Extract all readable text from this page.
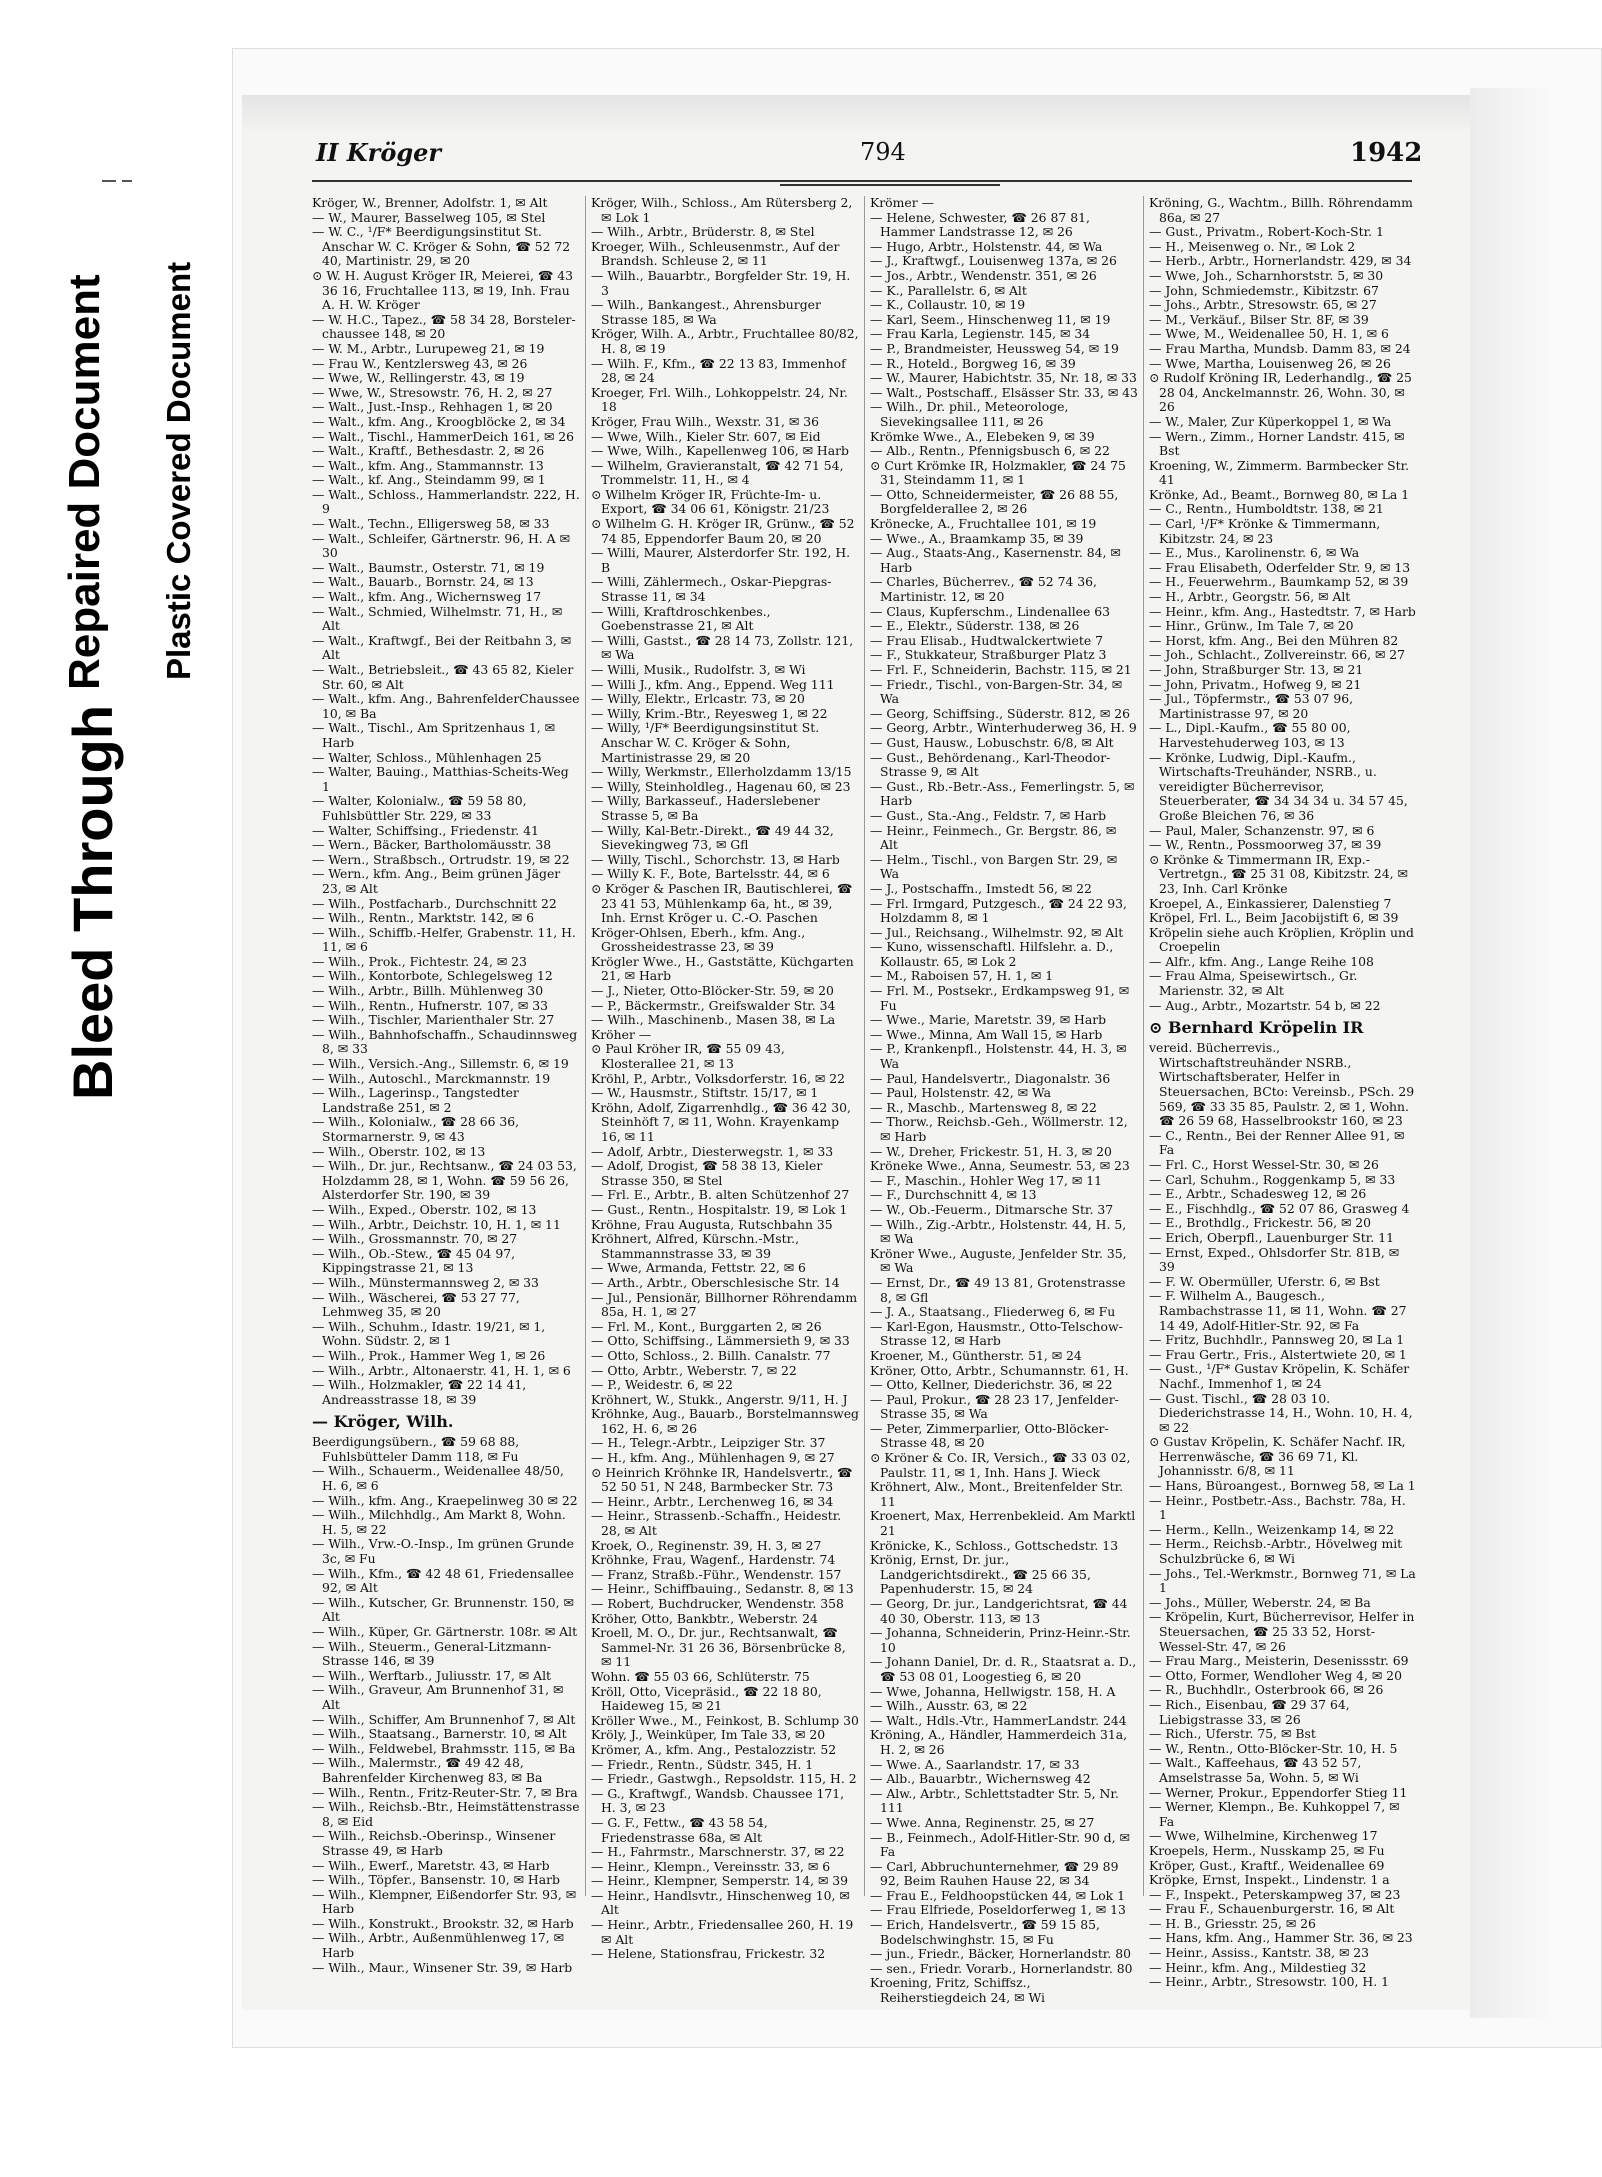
Bleed Through
Repaired Document Plastic Covered Document
II Kröger	794	1942

Kröger, W., Brenner, Adolfstr. 1, ✉ Alt

— W., Maurer, Basselweg 105, ✉ Stel

— W. C., ¹/F* Beerdigungsinstitut St. Anschar W. C. Kröger & Sohn, ☎ 52 72 40, Martinistr. 29, ✉ 20

⊙ W. H. August Kröger IR, Meierei, ☎ 43 36 16, Fruchtallee 113, ✉ 19, Inh. Frau A. H. W. Kröger

— W. H.C., Tapez., ☎ 58 34 28, Borsteler-chaussee 148, ✉ 20

— W. M., Arbtr., Lurupeweg 21, ✉ 19

— Frau W., Kentzlersweg 43, ✉ 26

— Wwe, W., Rellingerstr. 43, ✉ 19

— Wwe, W., Stresowstr. 76, H. 2, ✉ 27

— Walt., Just.-Insp., Rehhagen 1, ✉ 20

— Walt., kfm. Ang., Kroogblöcke 2, ✉ 34

— Walt., Tischl., HammerDeich 161, ✉ 26

— Walt., Kraftf., Bethesdastr. 2, ✉ 26

— Walt., kfm. Ang., Stammannstr. 13

— Walt., kf. Ang., Steindamm 99, ✉ 1

— Walt., Schloss., Hammerlandstr. 222, H. 9

— Walt., Techn., Elligersweg 58, ✉ 33

— Walt., Schleifer, Gärtnerstr. 96, H. A ✉ 30

— Walt., Baumstr., Osterstr. 71, ✉ 19

— Walt., Bauarb., Bornstr. 24, ✉ 13

— Walt., kfm. Ang., Wichernsweg 17

— Walt., Schmied, Wilhelmstr. 71, H., ✉ Alt

— Walt., Kraftwgf., Bei der Reitbahn 3, ✉ Alt

— Walt., Betriebsleit., ☎ 43 65 82, Kieler Str. 60, ✉ Alt

— Walt., kfm. Ang., BahrenfelderChaussee 10, ✉ Ba

— Walt., Tischl., Am Spritzenhaus 1, ✉ Harb

— Walter, Schloss., Mühlenhagen 25

— Walter, Bauing., Matthias-Scheits-Weg 1

— Walter, Kolonialw., ☎ 59 58 80, Fuhlsbüttler Str. 229, ✉ 33

— Walter, Schiffsing., Friedenstr. 41

— Wern., Bäcker, Bartholomäusstr. 38

— Wern., Straßbsch., Ortrudstr. 19, ✉ 22

— Wern., kfm. Ang., Beim grünen Jäger 23, ✉ Alt

— Wilh., Postfacharb., Durchschnitt 22

— Wilh., Rentn., Marktstr. 142, ✉ 6

— Wilh., Schiffb.-Helfer, Grabenstr. 11, H. 11, ✉ 6

— Wilh., Prok., Fichtestr. 24, ✉ 23

— Wilh., Kontorbote, Schlegelsweg 12

— Wilh., Arbtr., Billh. Mühlenweg 30

— Wilh., Rentn., Hufnerstr. 107, ✉ 33

— Wilh., Tischler, Marienthaler Str. 27

— Wilh., Bahnhofschaffn., Schaudinnsweg 8, ✉ 33

— Wilh., Versich.-Ang., Sillemstr. 6, ✉ 19

— Wilh., Autoschl., Marckmannstr. 19

— Wilh., Lagerinsp., Tangstedter Landstraße 251, ✉ 2

— Wilh., Kolonialw., ☎ 28 66 36, Stormarnerstr. 9, ✉ 43

— Wilh., Oberstr. 102, ✉ 13

— Wilh., Dr. jur., Rechtsanw., ☎ 24 03 53, Holzdamm 28, ✉ 1, Wohn. ☎ 59 56 26, Alsterdorfer Str. 190, ✉ 39

— Wilh., Exped., Oberstr. 102, ✉ 13

— Wilh., Arbtr., Deichstr. 10, H. 1, ✉ 11

— Wilh., Grossmannstr. 70, ✉ 27

— Wilh., Ob.-Stew., ☎ 45 04 97, Kippingstrasse 21, ✉ 13

— Wilh., Münstermannsweg 2, ✉ 33

— Wilh., Wäscherei, ☎ 53 27 77, Lehmweg 35, ✉ 20

— Wilh., Schuhm., Idastr. 19/21, ✉ 1, Wohn. Südstr. 2, ✉ 1

— Wilh., Prok., Hammer Weg 1, ✉ 26

— Wilh., Arbtr., Altonaerstr. 41, H. 1, ✉ 6

— Wilh., Holzmakler, ☎ 22 14 41, Andreasstrasse 18, ✉ 39

— Kröger, Wilh.

Beerdigungsübern., ☎ 59 68 88, Fuhlsbütteler Damm 118, ✉ Fu

— Wilh., Schauerm., Weidenallee 48/50, H. 6, ✉ 6

— Wilh., kfm. Ang., Kraepelinweg 30 ✉ 22

— Wilh., Milchhdlg., Am Markt 8, Wohn. H. 5, ✉ 22

— Wilh., Vrw.-O.-Insp., Im grünen Grunde 3c, ✉ Fu

— Wilh., Kfm., ☎ 42 48 61, Friedensallee 92, ✉ Alt

— Wilh., Kutscher, Gr. Brunnenstr. 150, ✉ Alt

— Wilh., Küper, Gr. Gärtnerstr. 108r. ✉ Alt

— Wilh., Steuerm., General-Litzmann-Strasse 146, ✉ 39

— Wilh., Werftarb., Juliusstr. 17, ✉ Alt

— Wilh., Graveur, Am Brunnenhof 31, ✉ Alt

— Wilh., Schiffer, Am Brunnenhof 7, ✉ Alt

— Wilh., Staatsang., Barnerstr. 10, ✉ Alt

— Wilh., Feldwebel, Brahmsstr. 115, ✉ Ba

— Wilh., Malermstr., ☎ 49 42 48, Bahrenfelder Kirchenweg 83, ✉ Ba

— Wilh., Rentn., Fritz-Reuter-Str. 7, ✉ Bra

— Wilh., Reichsb.-Btr., Heimstättenstrasse 8, ✉ Eid

— Wilh., Reichsb.-Oberinsp., Winsener Strasse 49, ✉ Harb

— Wilh., Ewerf., Maretstr. 43, ✉ Harb

— Wilh., Töpfer., Bansenstr. 10, ✉ Harb

— Wilh., Klempner, Eißendorfer Str. 93, ✉ Harb

— Wilh., Konstrukt., Brookstr. 32, ✉ Harb

— Wilh., Arbtr., Außenmühlenweg 17, ✉ Harb

— Wilh., Maur., Winsener Str. 39, ✉ Harb

Kröger, Wilh., Schloss., Am Rütersberg 2, ✉ Lok 1

— Wilh., Arbtr., Brüderstr. 8, ✉ Stel

Kroeger, Wilh., Schleusenmstr., Auf der Brandsh. Schleuse 2, ✉ 11

— Wilh., Bauarbtr., Borgfelder Str. 19, H. 3

— Wilh., Bankangest., Ahrensburger Strasse 185, ✉ Wa

Kröger, Wilh. A., Arbtr., Fruchtallee 80/82, H. 8, ✉ 19

— Wilh. F., Kfm., ☎ 22 13 83, Immenhof 28, ✉ 24

Kroeger, Frl. Wilh., Lohkoppelstr. 24, Nr. 18

Kröger, Frau Wilh., Wexstr. 31, ✉ 36

— Wwe, Wilh., Kieler Str. 607, ✉ Eid

— Wwe, Wilh., Kapellenweg 106, ✉ Harb

— Wilhelm, Gravieranstalt, ☎ 42 71 54, Trommelstr. 11, H., ✉ 4

⊙ Wilhelm Kröger IR, Früchte-Im- u. Export, ☎ 34 06 61, Königstr. 21/23

⊙ Wilhelm G. H. Kröger IR, Grünw., ☎ 52 74 85, Eppendorfer Baum 20, ✉ 20

— Willi, Maurer, Alsterdorfer Str. 192, H. B

— Willi, Zählermech., Oskar-Piepgras-Strasse 11, ✉ 34

— Willi, Kraftdroschkenbes., Goebenstrasse 21, ✉ Alt

— Willi, Gastst., ☎ 28 14 73, Zollstr. 121, ✉ Wa

— Willi, Musik., Rudolfstr. 3, ✉ Wi

— Willi J., kfm. Ang., Eppend. Weg 111

— Willy, Elektr., Erlcastr. 73, ✉ 20

— Willy, Krim.-Btr., Reyesweg 1, ✉ 22

— Willy, ¹/F* Beerdigungsinstitut St. Anschar W. C. Kröger & Sohn, Martinistrasse 29, ✉ 20

— Willy, Werkmstr., Ellerholzdamm 13/15

— Willy, Steinholdleg., Hagenau 60, ✉ 23

— Willy, Barkasseuf., Haderslebener Strasse 5, ✉ Ba

— Willy, Kal-Betr.-Direkt., ☎ 49 44 32, Sievekingweg 73, ✉ Gfl

— Willy, Tischl., Schorchstr. 13, ✉ Harb

— Willy K. F., Bote, Bartelsstr. 44, ✉ 6

⊙ Kröger & Paschen IR, Bautischlerei, ☎ 23 41 53, Mühlenkamp 6a, ht., ✉ 39, Inh. Ernst Kröger u. C.-O. Paschen

Kröger-Ohlsen, Eberh., kfm. Ang., Grossheidestrasse 23, ✉ 39

Krögler Wwe., H., Gaststätte, Küchgarten 21, ✉ Harb

— J., Nieter, Otto-Blöcker-Str. 59, ✉ 20

— P., Bäckermstr., Greifswalder Str. 34

— Wilh., Maschinenb., Masen 38, ✉ La

Kröher —

⊙ Paul Kröher IR, ☎ 55 09 43, Klosterallee 21, ✉ 13

Kröhl, P., Arbtr., Volksdorferstr. 16, ✉ 22

— W., Hausmstr., Stiftstr. 15/17, ✉ 1

Kröhn, Adolf, Zigarrenhdlg., ☎ 36 42 30, Steinhöft 7, ✉ 11, Wohn. Krayenkamp 16, ✉ 11

— Adolf, Arbtr., Diesterwegstr. 1, ✉ 33

— Adolf, Drogist, ☎ 58 38 13, Kieler Strasse 350, ✉ Stel

— Frl. E., Arbtr., B. alten Schützenhof 27

— Gust., Rentn., Hospitalstr. 19, ✉ Lok 1

Kröhne, Frau Augusta, Rutschbahn 35

Kröhnert, Alfred, Kürschn.-Mstr., Stammannstrasse 33, ✉ 39

— Wwe, Armanda, Fettstr. 22, ✉ 6

— Arth., Arbtr., Oberschlesische Str. 14

— Jul., Pensionär, Billhorner Röhrendamm 85a, H. 1, ✉ 27

— Frl. M., Kont., Burggarten 2, ✉ 26

— Otto, Schiffsing., Lämmersieth 9, ✉ 33

— Otto, Schloss., 2. Billh. Canalstr. 77

— Otto, Arbtr., Weberstr. 7, ✉ 22

— P., Weidestr. 6, ✉ 22

Kröhnert, W., Stukk., Angerstr. 9/11, H. J

Kröhnke, Aug., Bauarb., Borstelmannsweg 162, H. 6, ✉ 26

— H., Telegr.-Arbtr., Leipziger Str. 37

— H., kfm. Ang., Mühlenhagen 9, ✉ 27

⊙ Heinrich Kröhnke IR, Handelsvertr., ☎ 52 50 51, N 248, Barmbecker Str. 73

— Heinr., Arbtr., Lerchenweg 16, ✉ 34

— Heinr., Strassenb.-Schaffn., Heidestr. 28, ✉ Alt

Kroek, O., Reginenstr. 39, H. 3, ✉ 27

Kröhnke, Frau, Wagenf., Hardenstr. 74

— Franz, Straßb.-Führ., Wendenstr. 157

— Heinr., Schiffbauing., Sedanstr. 8, ✉ 13

— Robert, Buchdrucker, Wendenstr. 358

Kröher, Otto, Bankbtr., Weberstr. 24

Kroell, M. O., Dr. jur., Rechtsanwalt, ☎ Sammel-Nr. 31 26 36, Börsenbrücke 8, ✉ 11

Wohn. ☎ 55 03 66, Schlüterstr. 75

Kröll, Otto, Vicepräsid., ☎ 22 18 80, Haideweg 15, ✉ 21

Kröller Wwe., M., Feinkost, B. Schlump 30

Kröly, J., Weinküper, Im Tale 33, ✉ 20

Krömer, A., kfm. Ang., Pestalozzistr. 52

— Friedr., Rentn., Südstr. 345, H. 1

— Friedr., Gastwgh., Repsoldstr. 115, H. 2

— G., Kraftwgf., Wandsb. Chaussee 171, H. 3, ✉ 23

— G. F., Fettw., ☎ 43 58 54, Friedenstrasse 68a, ✉ Alt

— H., Fahrmstr., Marschnerstr. 37, ✉ 22

— Heinr., Klempn., Vereinsstr. 33, ✉ 6

— Heinr., Klempner, Semperstr. 14, ✉ 39

— Heinr., Handlsvtr., Hinschenweg 10, ✉ Alt

— Heinr., Arbtr., Friedensallee 260, H. 19 ✉ Alt

— Helene, Stationsfrau, Frickestr. 32

Krömer —

— Helene, Schwester, ☎ 26 87 81, Hammer Landstrasse 12, ✉ 26

— Hugo, Arbtr., Holstenstr. 44, ✉ Wa

— J., Kraftwgf., Louisenweg 137a, ✉ 26

— Jos., Arbtr., Wendenstr. 351, ✉ 26

— K., Parallelstr. 6, ✉ Alt

— K., Collaustr. 10, ✉ 19

— Karl, Seem., Hinschenweg 11, ✉ 19

— Frau Karla, Legienstr. 145, ✉ 34

— P., Brandmeister, Heussweg 54, ✉ 19

— R., Hoteld., Borgweg 16, ✉ 39

— W., Maurer, Habichtstr. 35, Nr. 18, ✉ 33

— Walt., Postschaff., Elsässer Str. 33, ✉ 43

— Wilh., Dr. phil., Meteorologe, Sievekingsallee 111, ✉ 26

Krömke Wwe., A., Elebeken 9, ✉ 39

— Alb., Rentn., Pfennigsbusch 6, ✉ 22

⊙ Curt Krömke IR, Holzmakler, ☎ 24 75 31, Steindamm 11, ✉ 1

— Otto, Schneidermeister, ☎ 26 88 55, Borgfelderallee 2, ✉ 26

Krönecke, A., Fruchtallee 101, ✉ 19

— Wwe., A., Braamkamp 35, ✉ 39

— Aug., Staats-Ang., Kasernenstr. 84, ✉ Harb

— Charles, Bücherrev., ☎ 52 74 36, Martinistr. 12, ✉ 20

— Claus, Kupferschm., Lindenallee 63

— E., Elektr., Süderstr. 138, ✉ 26

— Frau Elisab., Hudtwalckertwiete 7

— F., Stukkateur, Straßburger Platz 3

— Frl. F., Schneiderin, Bachstr. 115, ✉ 21

— Friedr., Tischl., von-Bargen-Str. 34, ✉ Wa

— Georg, Schiffsing., Süderstr. 812, ✉ 26

— Georg, Arbtr., Winterhuderweg 36, H. 9

— Gust, Hausw., Lobuschstr. 6/8, ✉ Alt

— Gust., Behördenang., Karl-Theodor-Strasse 9, ✉ Alt

— Gust., Rb.-Betr.-Ass., Femerlingstr. 5, ✉ Harb

— Gust., Sta.-Ang., Feldstr. 7, ✉ Harb

— Heinr., Feinmech., Gr. Bergstr. 86, ✉ Alt

— Helm., Tischl., von Bargen Str. 29, ✉ Wa

— J., Postschaffn., Imstedt 56, ✉ 22

— Frl. Irmgard, Putzgesch., ☎ 24 22 93, Holzdamm 8, ✉ 1

— Jul., Reichsang., Wilhelmstr. 92, ✉ Alt

— Kuno, wissenschaftl. Hilfslehr. a. D., Kollaustr. 65, ✉ Lok 2

— M., Raboisen 57, H. 1, ✉ 1

— Frl. M., Postsekr., Erdkampsweg 91, ✉ Fu

— Wwe., Marie, Maretstr. 39, ✉ Harb

— Wwe., Minna, Am Wall 15, ✉ Harb

— P., Krankenpfl., Holstenstr. 44, H. 3, ✉ Wa

— Paul, Handelsvertr., Diagonalstr. 36

— Paul, Holstenstr. 42, ✉ Wa

— R., Maschb., Martensweg 8, ✉ 22

— Thorw., Reichsb.-Geh., Wöllmerstr. 12, ✉ Harb

— W., Dreher, Frickestr. 51, H. 3, ✉ 20

Kröneke Wwe., Anna, Seumestr. 53, ✉ 23

— F., Maschin., Hohler Weg 17, ✉ 11

— F., Durchschnitt 4, ✉ 13

— W., Ob.-Feuerm., Ditmarsche Str. 37

— Wilh., Zig.-Arbtr., Holstenstr. 44, H. 5, ✉ Wa

Kröner Wwe., Auguste, Jenfelder Str. 35, ✉ Wa

— Ernst, Dr., ☎ 49 13 81, Grotenstrasse 8, ✉ Gfl

— J. A., Staatsang., Fliederweg 6, ✉ Fu

— Karl-Egon, Hausmstr., Otto-Telschow-Strasse 12, ✉ Harb

Kroener, M., Güntherstr. 51, ✉ 24

Kröner, Otto, Arbtr., Schumannstr. 61, H.

— Otto, Kellner, Diederichstr. 36, ✉ 22

— Paul, Prokur., ☎ 28 23 17, Jenfelder-Strasse 35, ✉ Wa

— Peter, Zimmerparlier, Otto-Blöcker-Strasse 48, ✉ 20

⊙ Kröner & Co. IR, Versich., ☎ 33 03 02, Paulstr. 11, ✉ 1, Inh. Hans J. Wieck

Kröhnert, Alw., Mont., Breitenfelder Str. 11

Kroenert, Max, Herrenbekleid. Am Marktl 21

Krönicke, K., Schloss., Gottschedstr. 13

Krönig, Ernst, Dr. jur., Landgerichtsdirekt., ☎ 25 66 35, Papenhuderstr. 15, ✉ 24

— Georg, Dr. jur., Landgerichtsrat, ☎ 44 40 30, Oberstr. 113, ✉ 13

— Johanna, Schneiderin, Prinz-Heinr.-Str. 10

— Johann Daniel, Dr. d. R., Staatsrat a. D., ☎ 53 08 01, Loogestieg 6, ✉ 20

— Wwe, Johanna, Hellwigstr. 158, H. A

— Wilh., Ausstr. 63, ✉ 22

— Walt., Hdls.-Vtr., HammerLandstr. 244

Kröning, A., Händler, Hammerdeich 31a, H. 2, ✉ 26

— Wwe. A., Saarlandstr. 17, ✉ 33

— Alb., Bauarbtr., Wichernsweg 42

— Alw., Arbtr., Schlettstadter Str. 5, Nr. 111

— Wwe. Anna, Reginenstr. 25, ✉ 27

— B., Feinmech., Adolf-Hitler-Str. 90 d, ✉ Fa

— Carl, Abbruchunternehmer, ☎ 29 89 92, Beim Rauhen Hause 22, ✉ 34

— Frau E., Feldhoopstücken 44, ✉ Lok 1

— Frau Elfriede, Poseldorferweg 1, ✉ 13

— Erich, Handelsvertr., ☎ 59 15 85, Bodelschwinghstr. 15, ✉ Fu

— jun., Friedr., Bäcker, Hornerlandstr. 80

— sen., Friedr. Vorarb., Hornerlandstr. 80

Kroening, Fritz, Schiffsz., Reiherstiegdeich 24, ✉ Wi

Kröning, G., Wachtm., Billh. Röhrendamm 86a, ✉ 27

— Gust., Privatm., Robert-Koch-Str. 1

— H., Meisenweg o. Nr., ✉ Lok 2

— Herb., Arbtr., Hornerlandstr. 429, ✉ 34

— Wwe, Joh., Scharnhorststr. 5, ✉ 30

— John, Schmiedemstr., Kibitzstr. 67

— Johs., Arbtr., Stresowstr. 65, ✉ 27

— M., Verkäuf., Bilser Str. 8F, ✉ 39

— Wwe, M., Weidenallee 50, H. 1, ✉ 6

— Frau Martha, Mundsb. Damm 83, ✉ 24

— Wwe, Martha, Louisenweg 26, ✉ 26

⊙ Rudolf Kröning IR, Lederhandlg., ☎ 25 28 04, Anckelmannstr. 26, Wohn. 30, ✉ 26

— W., Maler, Zur Küperkoppel 1, ✉ Wa

— Wern., Zimm., Horner Landstr. 415, ✉ Bst

Kroening, W., Zimmerm. Barmbecker Str. 41

Krönke, Ad., Beamt., Bornweg 80, ✉ La 1

— C., Rentn., Humboldtstr. 138, ✉ 21

— Carl, ¹/F* Krönke & Timmermann, Kibitzstr. 24, ✉ 23

— E., Mus., Karolinenstr. 6, ✉ Wa

— Frau Elisabeth, Oderfelder Str. 9, ✉ 13

— H., Feuerwehrm., Baumkamp 52, ✉ 39

— H., Arbtr., Georgstr. 56, ✉ Alt

— Heinr., kfm. Ang., Hastedtstr. 7, ✉ Harb

— Hinr., Grünw., Im Tale 7, ✉ 20

— Horst, kfm. Ang., Bei den Mühren 82

— Joh., Schlacht., Zollvereinstr. 66, ✉ 27

— John, Straßburger Str. 13, ✉ 21

— John, Privatm., Hofweg 9, ✉ 21

— Jul., Töpfermstr., ☎ 53 07 96, Martinistrasse 97, ✉ 20

— L., Dipl.-Kaufm., ☎ 55 80 00, Harvestehuderweg 103, ✉ 13

— Krönke, Ludwig, Dipl.-Kaufm., Wirtschafts-Treuhänder, NSRB., u. vereidigter Bücherrevisor, Steuerberater, ☎ 34 34 34 u. 34 57 45, Große Bleichen 76, ✉ 36

— Paul, Maler, Schanzenstr. 97, ✉ 6

— W., Rentn., Possmoorweg 37, ✉ 39

⊙ Krönke & Timmermann IR, Exp.-Vertretgn., ☎ 25 31 08, Kibitzstr. 24, ✉ 23, Inh. Carl Krönke

Kroepel, A., Einkassierer, Dalenstieg 7

Kröpel, Frl. L., Beim Jacobijstift 6, ✉ 39

Kröpelin siehe auch Kröplien, Kröplin und Croepelin

— Alfr., kfm. Ang., Lange Reihe 108

— Frau Alma, Speisewirtsch., Gr. Marienstr. 32, ✉ Alt

— Aug., Arbtr., Mozartstr. 54 b, ✉ 22

⊙ Bernhard Kröpelin IR

vereid. Bücherrevis., Wirtschaftstreuhänder NSRB., Wirtschaftsberater, Helfer in Steuersachen, BCto: Vereinsb., PSch. 29 569, ☎ 33 35 85, Paulstr. 2, ✉ 1, Wohn. ☎ 26 59 68, Hasselbrookstr 160, ✉ 23

— C., Rentn., Bei der Renner Allee 91, ✉ Fa

— Frl. C., Horst Wessel-Str. 30, ✉ 26

— Carl, Schuhm., Roggenkamp 5, ✉ 33

— E., Arbtr., Schadesweg 12, ✉ 26

— E., Fischhdlg., ☎ 52 07 86, Grasweg 4

— E., Brothdlg., Frickestr. 56, ✉ 20

— Erich, Oberpfl., Lauenburger Str. 11

— Ernst, Exped., Ohlsdorfer Str. 81B, ✉ 39

— F. W. Obermüller, Uferstr. 6, ✉ Bst

— F. Wilhelm A., Baugesch., Rambachstrasse 11, ✉ 11, Wohn. ☎ 27 14 49, Adolf-Hitler-Str. 92, ✉ Fa

— Fritz, Buchhdlr., Pannsweg 20, ✉ La 1

— Frau Gertr., Fris., Alstertwiete 20, ✉ 1

— Gust., ¹/F* Gustav Kröpelin, K. Schäfer Nachf., Immenhof 1, ✉ 24

— Gust. Tischl., ☎ 28 03 10. Diederichstrasse 14, H., Wohn. 10, H. 4, ✉ 22

⊙ Gustav Kröpelin, K. Schäfer Nachf. IR, Herrenwäsche, ☎ 36 69 71, Kl. Johannisstr. 6/8, ✉ 11

— Hans, Büroangest., Bornweg 58, ✉ La 1

— Heinr., Postbetr.-Ass., Bachstr. 78a, H. 1

— Herm., Kelln., Weizenkamp 14, ✉ 22

— Herm., Reichsb.-Arbtr., Hövelweg mit Schulzbrücke 6, ✉ Wi

— Johs., Tel.-Werkmstr., Bornweg 71, ✉ La 1

— Johs., Müller, Weberstr. 24, ✉ Ba

— Kröpelin, Kurt, Bücherrevisor, Helfer in Steuersachen, ☎ 25 33 52, Horst-Wessel-Str. 47, ✉ 26

— Frau Marg., Meisterin, Desenissstr. 69

— Otto, Former, Wendloher Weg 4, ✉ 20

— R., Buchhdlr., Osterbrook 66, ✉ 26

— Rich., Eisenbau, ☎ 29 37 64, Liebigstrasse 33, ✉ 26

— Rich., Uferstr. 75, ✉ Bst

— W., Rentn., Otto-Blöcker-Str. 10, H. 5

— Walt., Kaffeehaus, ☎ 43 52 57, Amselstrasse 5a, Wohn. 5, ✉ Wi

— Werner, Prokur., Eppendorfer Stieg 11

— Werner, Klempn., Be. Kuhkoppel 7, ✉ Fa

— Wwe, Wilhelmine, Kirchenweg 17

Kroepels, Herm., Nusskamp 25, ✉ Fu

Kröper, Gust., Kraftf., Weidenallee 69

Kröpke, Ernst, Inspekt., Lindenstr. 1 a

— F., Inspekt., Peterskampweg 37, ✉ 23

— Frau F., Schauenburgerstr. 16, ✉ Alt

— H. B., Griesstr. 25, ✉ 26

— Hans, kfm. Ang., Hammer Str. 36, ✉ 23

— Heinr., Assiss., Kantstr. 38, ✉ 23

— Heinr., kfm. Ang., Mildestieg 32

— Heinr., Arbtr., Stresowstr. 100, H. 1
